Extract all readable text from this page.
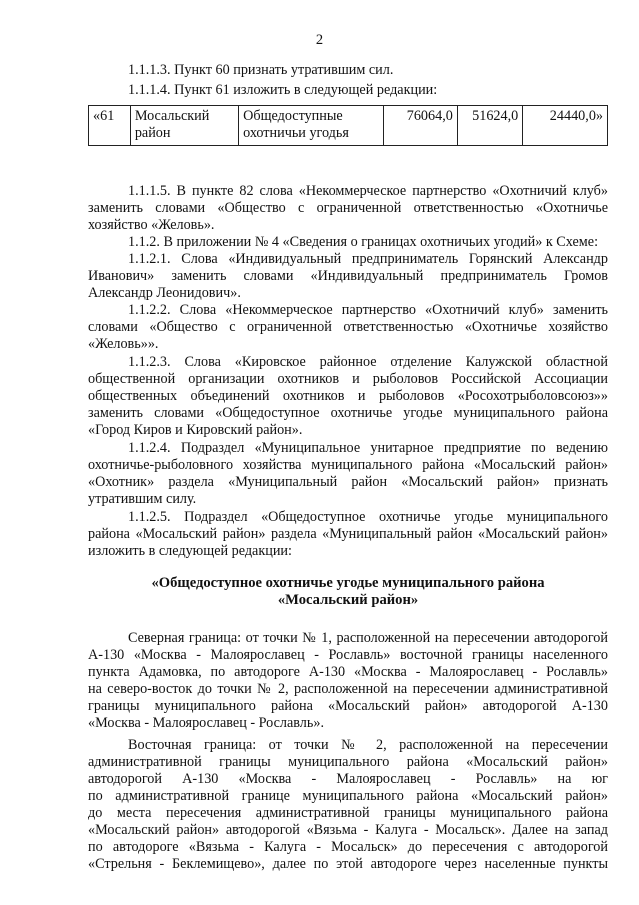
2
1.1.1.3. Пункт 60 признать утратившим сил.
1.1.1.4. Пункт 61 изложить в следующей редакции:
«61	Мосальский район	Общедоступные охотничьи угодья	76064,0	51624,0	24440,0»
1.1.1.5. В пункте 82 слова «Некоммерческое партнерство «Охотничий клуб»
заменить словами «Общество с ограниченной ответственностью «Охотничье
хозяйство «Желовь».
1.1.2. В приложении № 4 «Сведения о границах охотничьих угодий» к Схеме:
1.1.2.1. Слова «Индивидуальный предприниматель Горянский Александр
Иванович» заменить словами «Индивидуальный предприниматель Громов
Александр Леонидович».
1.1.2.2. Слова «Некоммерческое партнерство «Охотничий клуб» заменить
словами «Общество с ограниченной ответственностью «Охотничье хозяйство
«Желовь»».
1.1.2.3. Слова «Кировское районное отделение Калужской областной
общественной организации охотников и рыболовов Российской Ассоциации
общественных объединений охотников и рыболовов «Росохотрыболовсоюз»»
заменить словами «Общедоступное охотничье угодье муниципального района
«Город Киров и Кировский район».
1.1.2.4. Подраздел «Муниципальное унитарное предприятие по ведению
охотничье-рыболовного хозяйства муниципального района «Мосальский район»
«Охотник» раздела «Муниципальный район «Мосальский район» признать
утратившим силу.
1.1.2.5. Подраздел «Общедоступное охотничье угодье муниципального
района «Мосальский район» раздела «Муниципальный район «Мосальский район»
изложить в следующей редакции:
«Общедоступное охотничье угодье муниципального района
«Мосальский район»
Северная граница: от точки № 1, расположенной на пересечении автодорогой
А-130 «Москва - Малоярославец - Рославль» восточной границы населенного
пункта Адамовка, по автодороге А-130 «Москва - Малоярославец - Рославль»
на северо-восток до точки № 2, расположенной на пересечении административной
границы муниципального района «Мосальский район» автодорогой А-130
«Москва - Малоярославец - Рославль».
Восточная граница: от точки № 2, расположенной на пересечении
административной границы муниципального района «Мосальский район»
автодорогой А-130 «Москва - Малоярославец - Рославль» на юг
по административной границе муниципального района «Мосальский район»
до места пересечения административной границы муниципального района
«Мосальский район» автодорогой «Вязьма - Калуга - Мосальск». Далее на запад
по автодороге «Вязьма - Калуга - Мосальск» до пересечения с автодорогой
«Стрельня - Беклемищево», далее по этой автодороге через населенные пункты
